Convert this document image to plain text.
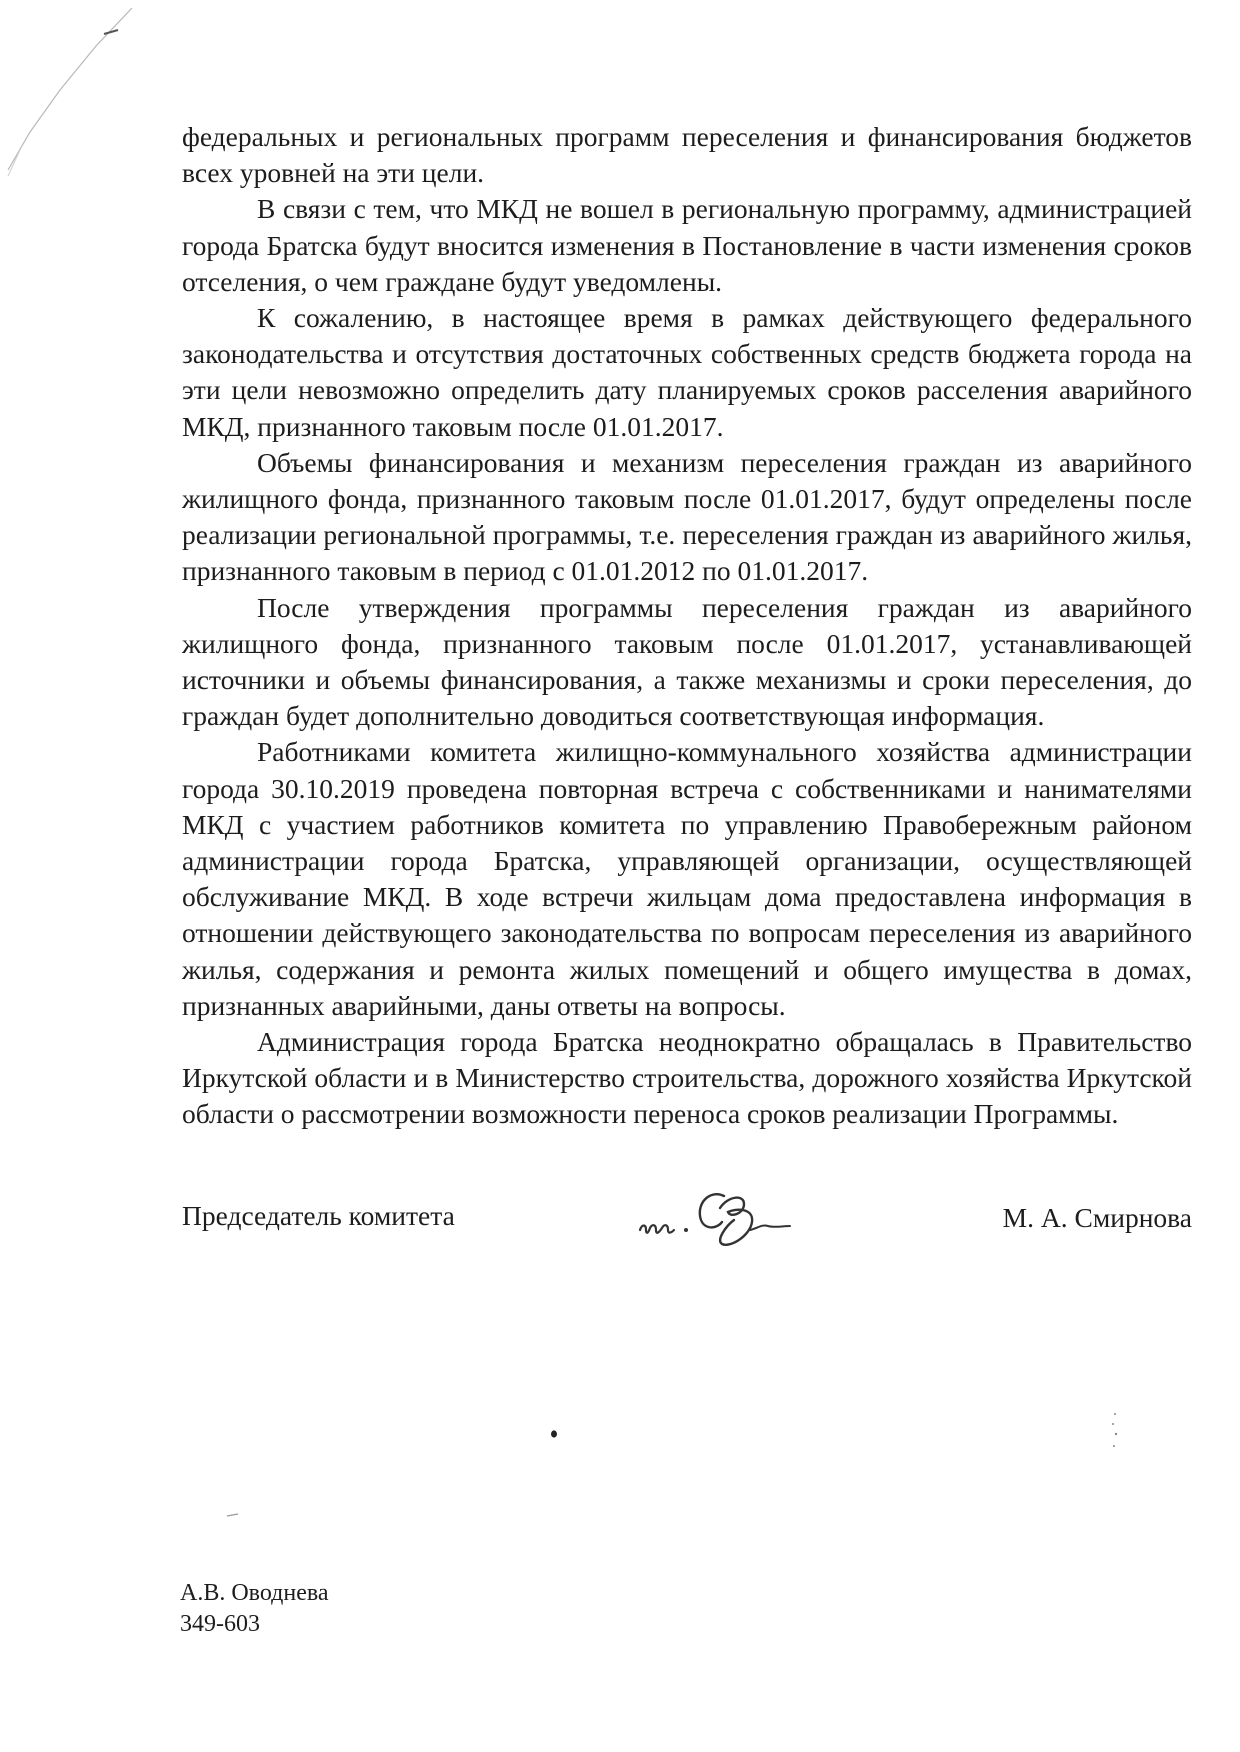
федеральных и региональных программ переселения и финансирования бюджетов всех уровней на эти цели.

В связи с тем, что МКД не вошел в региональную программу, администрацией города Братска будут вносится изменения в Постановление в части изменения сроков отселения, о чем граждане будут уведомлены.

К сожалению, в настоящее время в рамках действующего федерального законодательства и отсутствия достаточных собственных средств бюджета города на эти цели невозможно определить дату планируемых сроков расселения аварийного МКД, признанного таковым после 01.01.2017.

Объемы финансирования и механизм переселения граждан из аварийного жилищного фонда, признанного таковым после 01.01.2017, будут определены после реализации региональной программы, т.е. переселения граждан из аварийного жилья, признанного таковым в период с 01.01.2012 по 01.01.2017.

После утверждения программы переселения граждан из аварийного жилищного фонда, признанного таковым после 01.01.2017, устанавливающей источники и объемы финансирования, а также механизмы и сроки переселения, до граждан будет дополнительно доводиться соответствующая информация.

Работниками комитета жилищно-коммунального хозяйства администрации города 30.10.2019 проведена повторная встреча с собственниками и нанимателями МКД с участием работников комитета по управлению Правобережным районом администрации города Братска, управляющей организации, осуществляющей обслуживание МКД. В ходе встречи жильцам дома предоставлена информация в отношении действующего законодательства по вопросам переселения из аварийного жилья, содержания и ремонта жилых помещений и общего имущества в домах, признанных аварийными, даны ответы на вопросы.

Администрация города Братска неоднократно обращалась в Правительство Иркутской области и в Министерство строительства, дорожного хозяйства Иркутской области о рассмотрении возможности переноса сроков реализации Программы.

Председатель комитета	М. А. Смирнова
А.В. Оводнева
349-603
